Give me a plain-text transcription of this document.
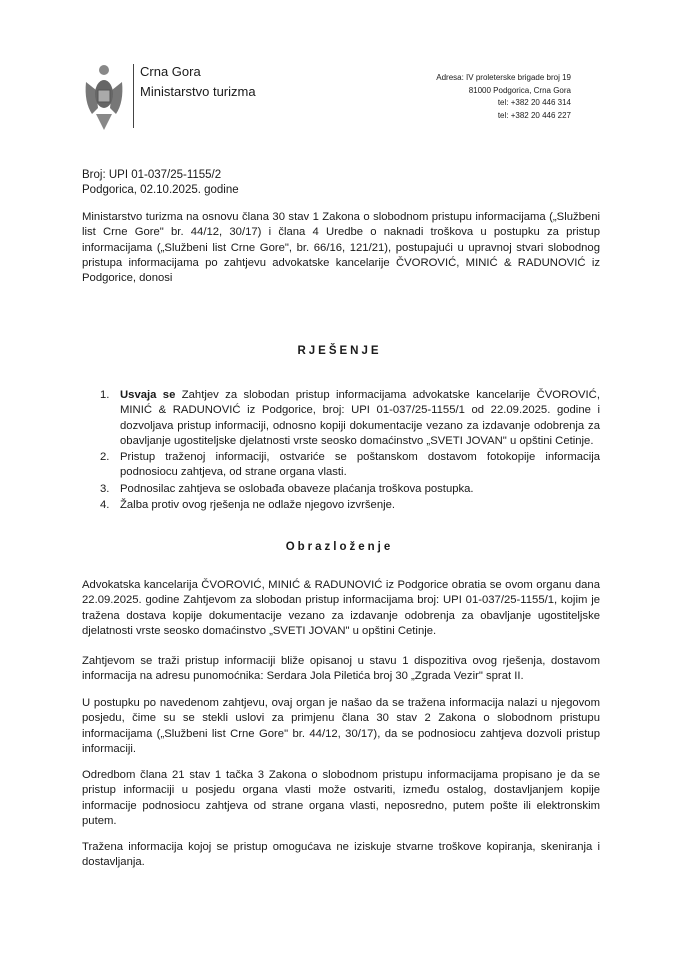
Crna Gora
Ministarstvo turizma
Adresa: IV proleterske brigade broj 19
81000 Podgorica, Crna Gora
tel: +382 20 446 314
tel: +382 20 446 227
Broj: UPI 01-037/25-1155/2
Podgorica, 02.10.2025. godine
Ministarstvo turizma na osnovu člana 30 stav 1 Zakona o slobodnom pristupu informacijama („Službeni list Crne Gore" br. 44/12, 30/17) i člana 4 Uredbe o naknadi troškova u postupku za pristup informacijama („Službeni list Crne Gore", br. 66/16, 121/21), postupajući u upravnoj stvari slobodnog pristupa informacijama po zahtjevu advokatske kancelarije ČVOROVIĆ, MINIĆ & RADUNOVIĆ iz Podgorice, donosi
RJEŠENJE
1. Usvaja se Zahtjev za slobodan pristup informacijama advokatske kancelarije ČVOROVIĆ, MINIĆ & RADUNOVIĆ iz Podgorice, broj: UPI 01-037/25-1155/1 od 22.09.2025. godine i dozvoljava pristup informaciji, odnosno kopiji dokumentacije vezano za izdavanje odobrenja za obavljanje ugostiteljske djelatnosti vrste seosko domaćinstvo „SVETI JOVAN" u opštini Cetinje.
2. Pristup traženoj informaciji, ostvariće se poštanskom dostavom fotokopije informacija podnosiocu zahtjeva, od strane organa vlasti.
3. Podnosilac zahtjeva se oslobađa obaveze plaćanja troškova postupka.
4. Žalba protiv ovog rješenja ne odlaže njegovo izvršenje.
Obrazloženje
Advokatska kancelarija ČVOROVIĆ, MINIĆ & RADUNOVIĆ iz Podgorice obratia se ovom organu dana 22.09.2025. godine Zahtjevom za slobodan pristup informacijama broj: UPI 01-037/25-1155/1, kojim je tražena dostava kopije dokumentacije vezano za izdavanje odobrenja za obavljanje ugostiteljske djelatnosti vrste seosko domaćinstvo „SVETI JOVAN" u opštini Cetinje.
Zahtjevom se traži pristup informaciji bliže opisanoj u stavu 1 dispozitiva ovog rješenja, dostavom informacija na adresu punomoćnika: Serdara Jola Piletića broj 30 „Zgrada Vezir" sprat II.
U postupku po navedenom zahtjevu, ovaj organ je našao da se tražena informacija nalazi u njegovom posjedu, čime su se stekli uslovi za primjenu člana 30 stav 2 Zakona o slobodnom pristupu informacijama („Službeni list Crne Gore" br. 44/12, 30/17), da se podnosiocu zahtjeva dozvoli pristup informaciji.
Odredbom člana 21 stav 1 tačka 3 Zakona o slobodnom pristupu informacijama propisano je da se pristup informaciji u posjedu organa vlasti može ostvariti, između ostalog, dostavljanjem kopije informacije podnosiocu zahtjeva od strane organa vlasti, neposredno, putem pošte ili elektronskim putem.
Tražena informacija kojoj se pristup omogućava ne iziskuje stvarne troškove kopiranja, skeniranja i dostavljanja.
